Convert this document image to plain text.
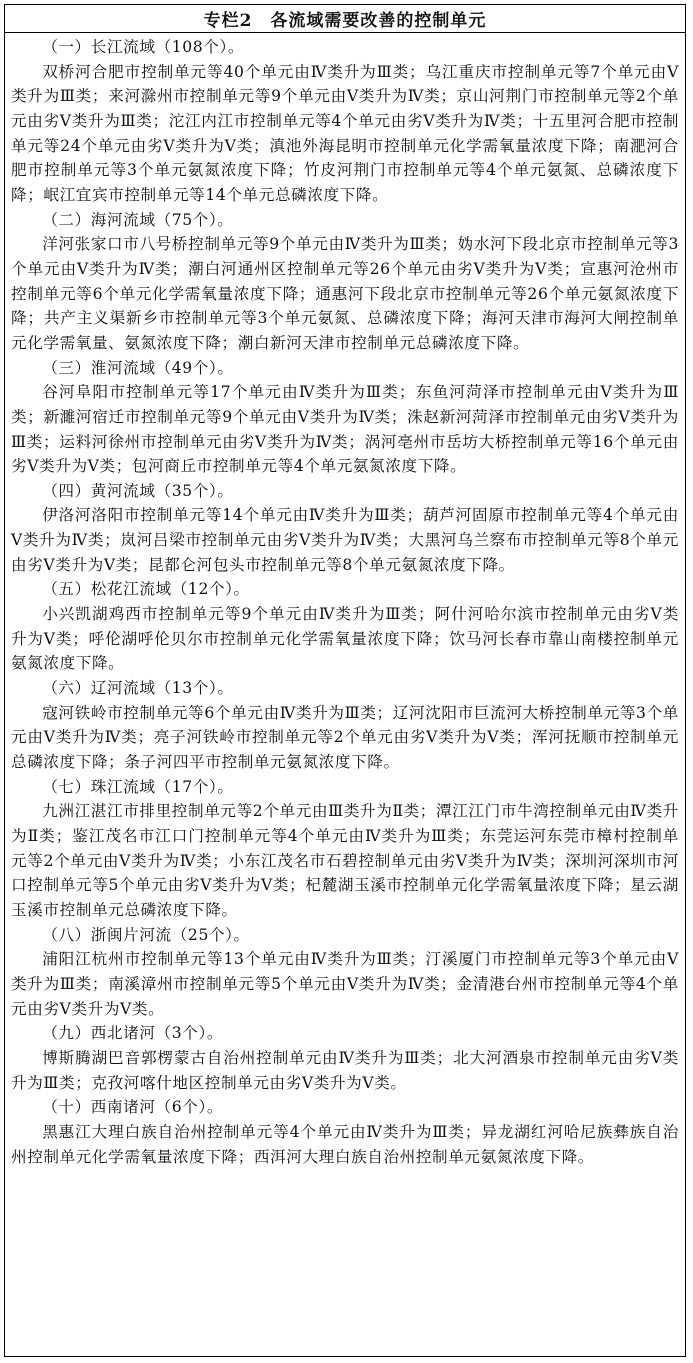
专栏2　各流域需要改善的控制单元

（一）长江流域（108个）。

双桥河合肥市控制单元等40个单元由Ⅳ类升为Ⅲ类；乌江重庆市控制单元等7个单元由Ⅴ类升为Ⅲ类；来河滁州市控制单元等9个单元由Ⅴ类升为Ⅳ类；京山河荆门市控制单元等2个单元由劣Ⅴ类升为Ⅲ类；沱江内江市控制单元等4个单元由劣Ⅴ类升为Ⅳ类；十五里河合肥市控制单元等24个单元由劣Ⅴ类升为Ⅴ类；滇池外海昆明市控制单元化学需氧量浓度下降；南淝河合肥市控制单元等3个单元氨氮浓度下降；竹皮河荆门市控制单元等4个单元氨氮、总磷浓度下降；岷江宜宾市控制单元等14个单元总磷浓度下降。

（二）海河流域（75个）。

洋河张家口市八号桥控制单元等9个单元由Ⅳ类升为Ⅲ类；妫水河下段北京市控制单元等3个单元由Ⅴ类升为Ⅳ类；潮白河通州区控制单元等26个单元由劣Ⅴ类升为Ⅴ类；宣惠河沧州市控制单元等6个单元化学需氧量浓度下降；通惠河下段北京市控制单元等26个单元氨氮浓度下降；共产主义渠新乡市控制单元等3个单元氨氮、总磷浓度下降；海河天津市海河大闸控制单元化学需氧量、氨氮浓度下降；潮白新河天津市控制单元总磷浓度下降。

（三）淮河流域（49个）。

谷河阜阳市控制单元等17个单元由Ⅳ类升为Ⅲ类；东鱼河菏泽市控制单元由Ⅴ类升为Ⅲ类；新濉河宿迁市控制单元等9个单元由Ⅴ类升为Ⅳ类；洙赵新河菏泽市控制单元由劣Ⅴ类升为Ⅲ类；运料河徐州市控制单元由劣Ⅴ类升为Ⅳ类；涡河亳州市岳坊大桥控制单元等16个单元由劣Ⅴ类升为Ⅴ类；包河商丘市控制单元等4个单元氨氮浓度下降。

（四）黄河流域（35个）。

伊洛河洛阳市控制单元等14个单元由Ⅳ类升为Ⅲ类；葫芦河固原市控制单元等4个单元由Ⅴ类升为Ⅳ类；岚河吕梁市控制单元由劣Ⅴ类升为Ⅳ类；大黑河乌兰察布市控制单元等8个单元由劣Ⅴ类升为Ⅴ类；昆都仑河包头市控制单元等8个单元氨氮浓度下降。

（五）松花江流域（12个）。

小兴凯湖鸡西市控制单元等9个单元由Ⅳ类升为Ⅲ类；阿什河哈尔滨市控制单元由劣Ⅴ类升为Ⅴ类；呼伦湖呼伦贝尔市控制单元化学需氧量浓度下降；饮马河长春市靠山南楼控制单元氨氮浓度下降。

（六）辽河流域（13个）。

寇河铁岭市控制单元等6个单元由Ⅳ类升为Ⅲ类；辽河沈阳市巨流河大桥控制单元等3个单元由Ⅴ类升为Ⅳ类；亮子河铁岭市控制单元等2个单元由劣Ⅴ类升为Ⅴ类；浑河抚顺市控制单元总磷浓度下降；条子河四平市控制单元氨氮浓度下降。

（七）珠江流域（17个）。

九洲江湛江市排里控制单元等2个单元由Ⅲ类升为Ⅱ类；潭江江门市牛湾控制单元由Ⅳ类升为Ⅱ类；鉴江茂名市江口门控制单元等4个单元由Ⅳ类升为Ⅲ类；东莞运河东莞市樟村控制单元等2个单元由Ⅴ类升为Ⅳ类；小东江茂名市石碧控制单元由劣Ⅴ类升为Ⅳ类；深圳河深圳市河口控制单元等5个单元由劣Ⅴ类升为Ⅴ类；杞麓湖玉溪市控制单元化学需氧量浓度下降；星云湖玉溪市控制单元总磷浓度下降。

（八）浙闽片河流（25个）。

浦阳江杭州市控制单元等13个单元由Ⅳ类升为Ⅲ类；汀溪厦门市控制单元等3个单元由Ⅴ类升为Ⅲ类；南溪漳州市控制单元等5个单元由Ⅴ类升为Ⅳ类；金清港台州市控制单元等4个单元由劣Ⅴ类升为Ⅴ类。

（九）西北诸河（3个）。

博斯腾湖巴音郭楞蒙古自治州控制单元由Ⅳ类升为Ⅲ类；北大河酒泉市控制单元由劣Ⅴ类升为Ⅲ类；克孜河喀什地区控制单元由劣Ⅴ类升为Ⅴ类。

（十）西南诸河（6个）。

黑惠江大理白族自治州控制单元等4个单元由Ⅳ类升为Ⅲ类；异龙湖红河哈尼族彝族自治州控制单元化学需氧量浓度下降；西洱河大理白族自治州控制单元氨氮浓度下降。
